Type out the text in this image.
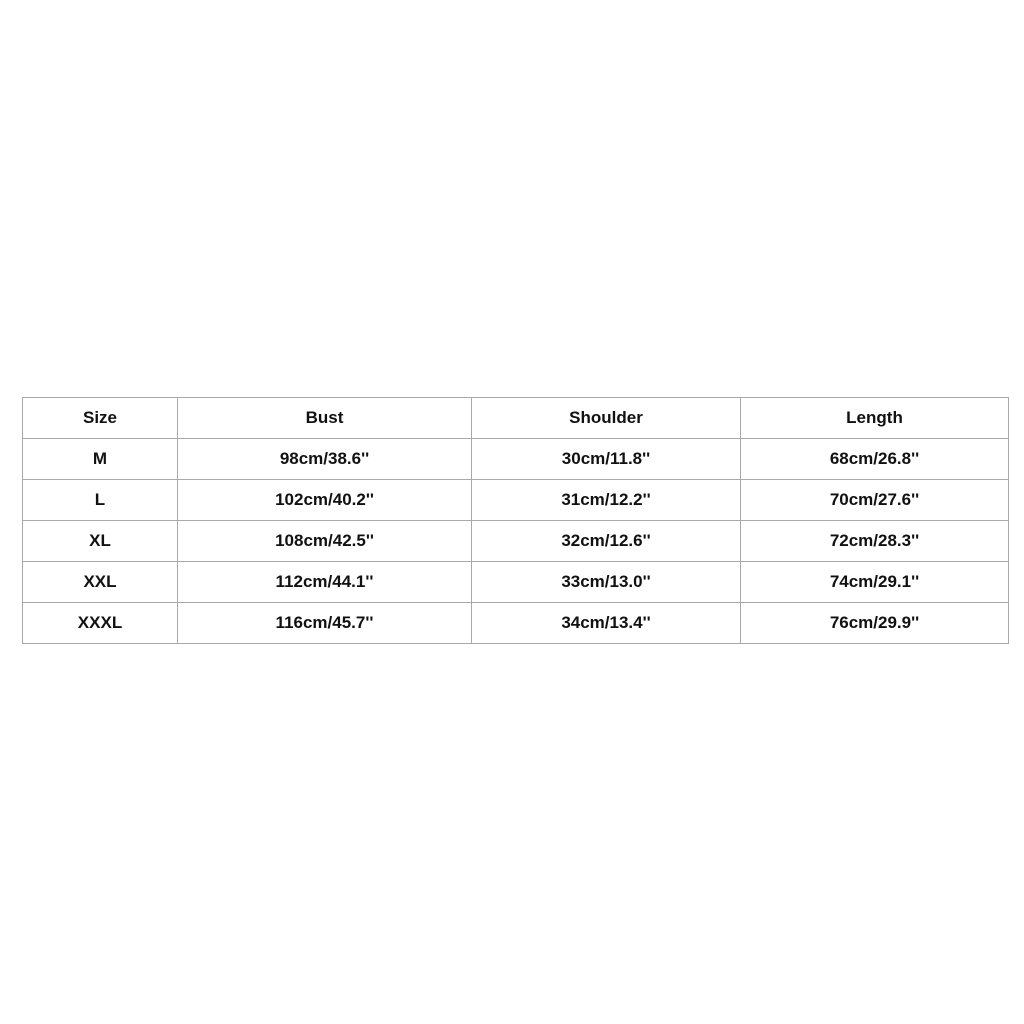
Size	Bust	Shoulder	Length
M	98cm/38.6''	30cm/11.8''	68cm/26.8''
L	102cm/40.2''	31cm/12.2''	70cm/27.6''
XL	108cm/42.5''	32cm/12.6''	72cm/28.3''
XXL	112cm/44.1''	33cm/13.0''	74cm/29.1''
XXXL	116cm/45.7''	34cm/13.4''	76cm/29.9''
